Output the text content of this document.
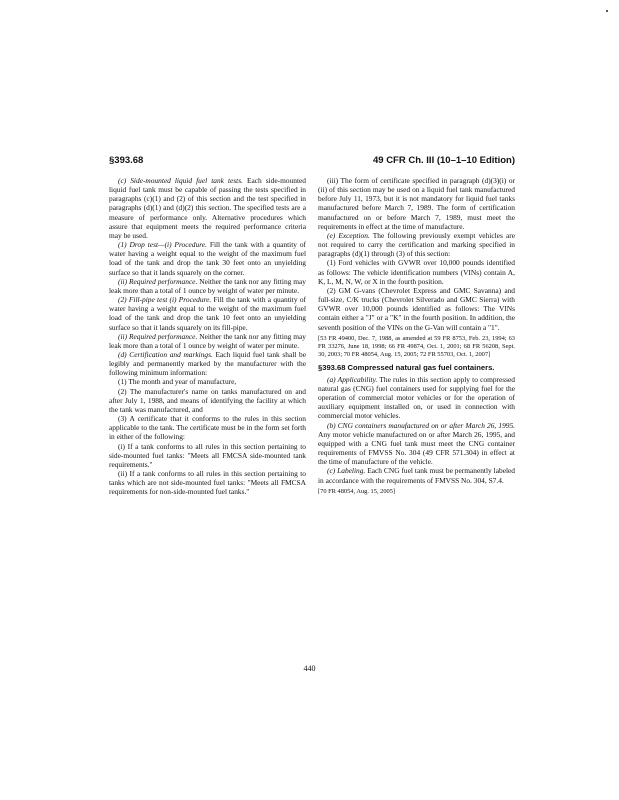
§393.68	49 CFR Ch. III (10–1–10 Edition)

(c) Side-mounted liquid fuel tank tests. Each side-mounted liquid fuel tank must be capable of passing the tests specified in paragraphs (c)(1) and (2) of this section and the test specified in paragraphs (d)(1) and (d)(2) this section. The specified tests are a measure of performance only. Alternative procedures which assure that equipment meets the required performance criteria may be used.

(1) Drop test—(i) Procedure. Fill the tank with a quantity of water having a weight equal to the weight of the maximum fuel load of the tank and drop the tank 30 feet onto an unyielding surface so that it lands squarely on the corner.

(ii) Required performance. Neither the tank nor any fitting may leak more than a total of 1 ounce by weight of water per minute.

(2) Fill-pipe test (i) Procedure. Fill the tank with a quantity of water having a weight equal to the weight of the maximum fuel load of the tank and drop the tank 10 feet onto an unyielding surface so that it lands squarely on its fill-pipe.

(ii) Required performance. Neither the tank nor any fitting may leak more than a total of 1 ounce by weight of water per minute.

(d) Certification and markings. Each liquid fuel tank shall be legibly and permanently marked by the manufacturer with the following minimum information:

(1) The month and year of manufacture,

(2) The manufacturer's name on tanks manufactured on and after July 1, 1988, and means of identifying the facility at which the tank was manufactured, and

(3) A certificate that it conforms to the rules in this section applicable to the tank. The certificate must be in the form set forth in either of the following:

(i) If a tank conforms to all rules in this section pertaining to side-mounted fuel tanks: "Meets all FMCSA side-mounted tank requirements."

(ii) If a tank conforms to all rules in this section pertaining to tanks which are not side-mounted fuel tanks: "Meets all FMCSA requirements for non-side-mounted fuel tanks."

(iii) The form of certificate specified in paragraph (d)(3)(i) or (ii) of this section may be used on a liquid fuel tank manufactured before July 11, 1973, but it is not mandatory for liquid fuel tanks manufactured before March 7, 1989. The form of certification manufactured on or before March 7, 1989, must meet the requirements in effect at the time of manufacture.

(e) Exception. The following previously exempt vehicles are not required to carry the certification and marking specified in paragraphs (d)(1) through (3) of this section:

(1) Ford vehicles with GVWR over 10,000 pounds identified as follows: The vehicle identification numbers (VINs) contain A, K, L, M, N, W, or X in the fourth position.

(2) GM G-vans (Chevrolet Express and GMC Savanna) and full-size, C/K trucks (Chevrolet Silverado and GMC Sierra) with GVWR over 10,000 pounds identified as follows: The VINs contain either a "J" or a "K" in the fourth position. In addition, the seventh position of the VINs on the G-Van will contain a "1".

[53 FR 49400, Dec. 7, 1988, as amended at 59 FR 8753, Feb. 23, 1994; 63 FR 33276, June 18, 1998; 66 FR 49874, Oct. 1, 2001; 68 FR 56208, Sept. 30, 2003; 70 FR 48054, Aug. 15, 2005; 72 FR 55703, Oct. 1, 2007]

§393.68 Compressed natural gas fuel containers.

(a) Applicability. The rules in this section apply to compressed natural gas (CNG) fuel containers used for supplying fuel for the operation of commercial motor vehicles or for the operation of auxiliary equipment installed on, or used in connection with commercial motor vehicles.

(b) CNG containers manufactured on or after March 26, 1995. Any motor vehicle manufactured on or after March 26, 1995, and equipped with a CNG fuel tank must meet the CNG container requirements of FMVSS No. 304 (49 CFR 571.304) in effect at the time of manufacture of the vehicle.

(c) Labeling. Each CNG fuel tank must be permanently labeled in accordance with the requirements of FMVSS No. 304, S7.4.

[70 FR 48054, Aug. 15, 2005]

440
